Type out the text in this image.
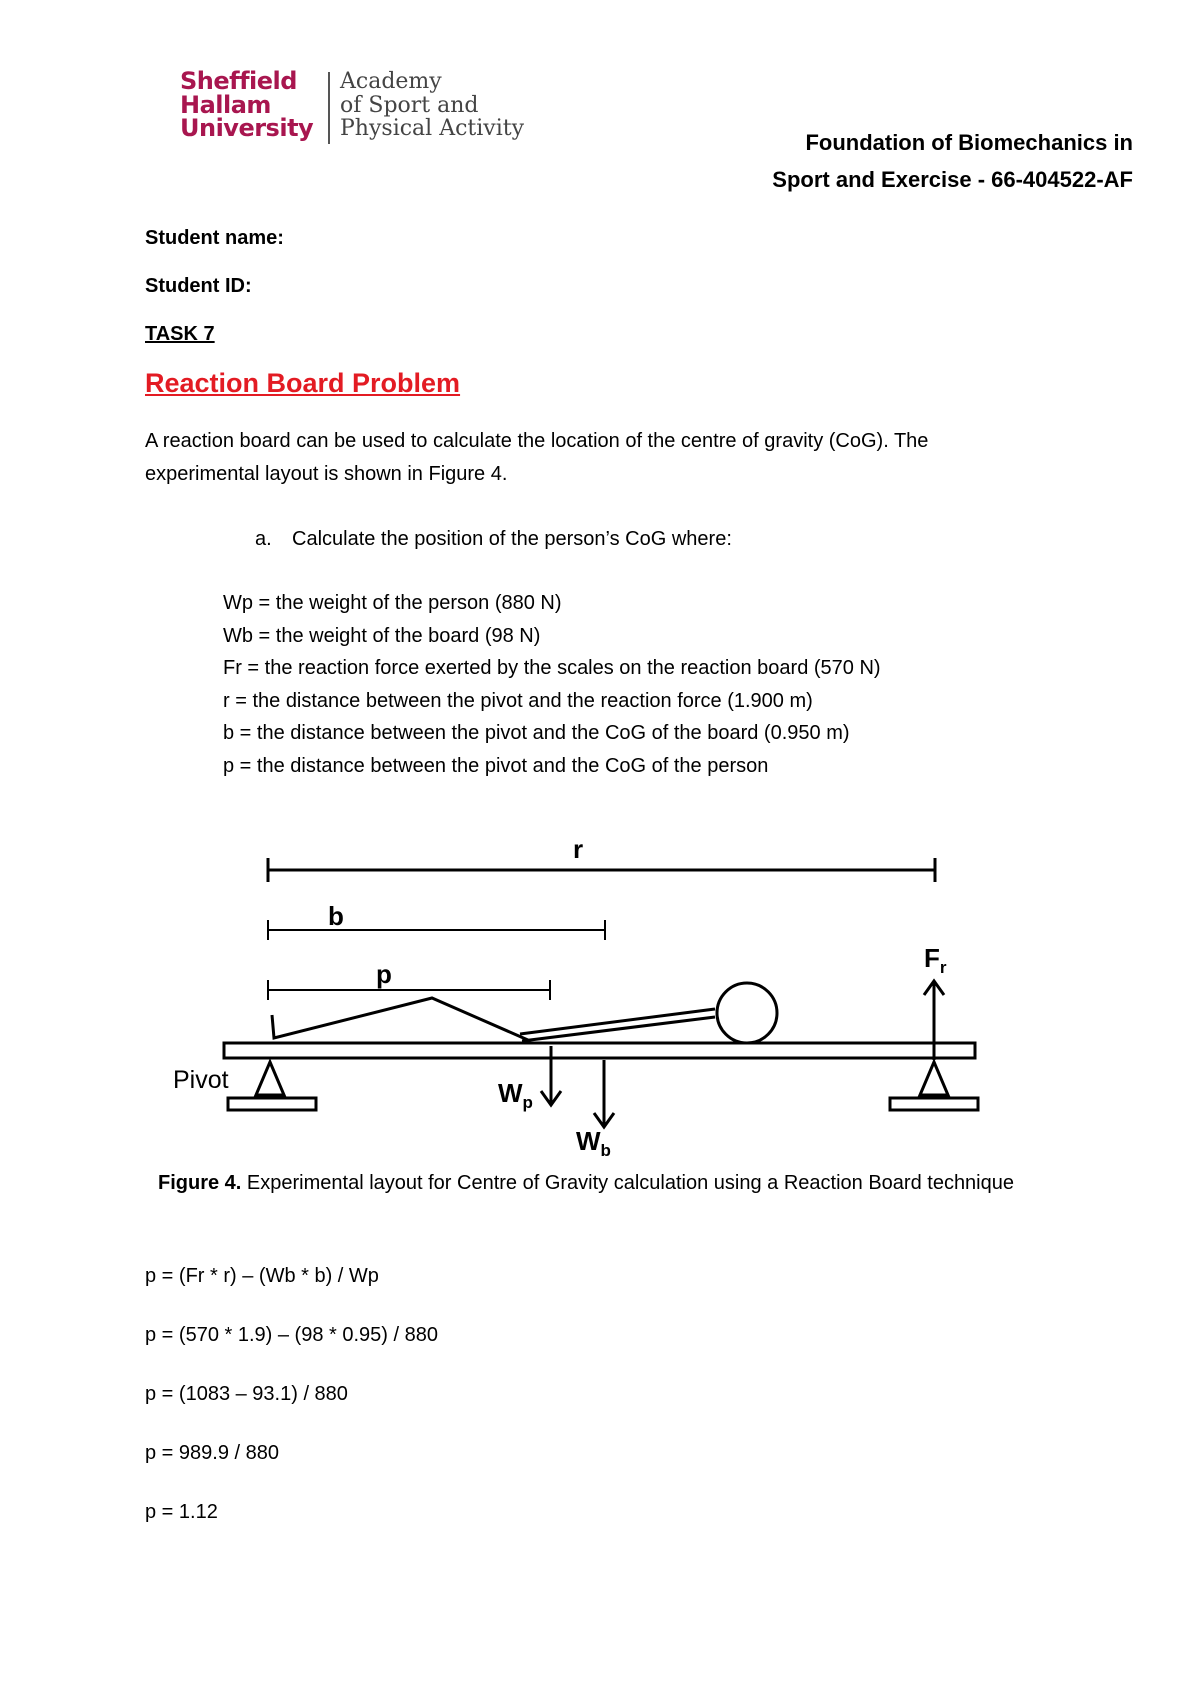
Sheffield
Hallam
University
Academy
of Sport and
Physical Activity
Foundation of Biomechanics in
Sport and Exercise - 66-404522-AF
Student name:
Student ID:
TASK 7
Reaction Board Problem
A reaction board can be used to calculate the location of the centre of gravity (CoG). The
experimental layout is shown in Figure 4.
a. Calculate the position of the person’s CoG where:
Wp = the weight of the person (880 N)
Wb = the weight of the board (98 N)
Fr = the reaction force exerted by the scales on the reaction board (570 N)
r = the distance between the pivot and the reaction force (1.900 m)
b = the distance between the pivot and the CoG of the board (0.950 m)
p = the distance between the pivot and the CoG of the person
r
b
p
$W_p$
$W_b$
$F_r$
Pivot
Figure 4. Experimental layout for Centre of Gravity calculation using a Reaction Board technique
p = (Fr * r) – (Wb * b) / Wp
p = (570 * 1.9) – (98 * 0.95) / 880
p = (1083 – 93.1) / 880
p = 989.9 / 880
p = 1.12
